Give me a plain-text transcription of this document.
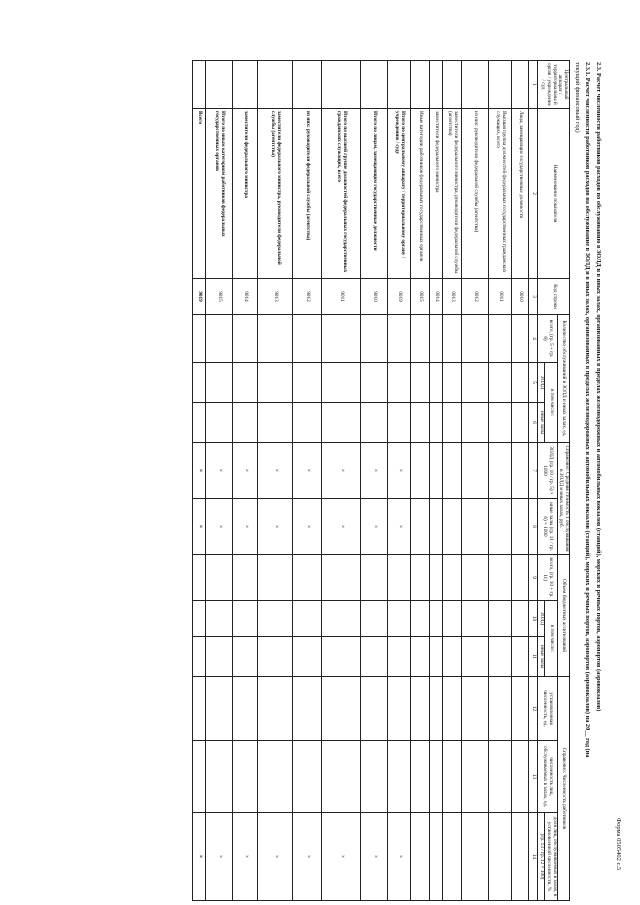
Форма 0505402 с.5
2.3. Расчет численности работников расходов по обслуживанию в ЗОЛД и в иных залах, организованных в пределах железнодорожных и автомобильных вокзалов (станций), морских и речных портов, аэропортов (аэровокзалов)
2.3.1. Расчет численности работников расходов на обслуживание в ЗОЛД и в иных залах, организованных в пределах железнодорожных и автомобильных вокзалов (станций), морских и речных портов, аэропортов (аэровокзалов) на 20__ год (на
текущий финансовый год)
Центральный аппарат / территориальны й орган / учреждение / суд	Наименование показателя	Код строки	Количество обслуживаний в ЗОЛД и иных залах, ед.			Справочно: Средняя стоимость 1 обслуживания в ЗОЛД и иных залах, руб.		Объем бюджетных ассигнований			Справочно: Численность работников		
			всего, (гр. 5 + гр. 6)	в том числе:		ЗОЛД (гр. 10 / гр. 5) × 1000	иные залы (гр. 11 / гр. 6) × 1000	всего, (гр. 10 + гр. 11)	в том числе:		установленная численность, ед.	численность лиц, обслуживаемых в залах, ед.	доля лиц, обслуживаемых в залах, в установленной численности, %
				ЗОЛД	иные залы				ЗОЛД	иные залы			(гр. 13 / гр. 12 × 100)
1	2	3	4	5	6	7	8	9	10	11	12	13	14
	Лица, замещающие государственные должности	0010											
	Высшая группа должностей федеральных государственных гражданских служащих, всего	0011											
	из них: руководители федеральной службы (агентства)	0012											
	заместители федерального министра, руководители федеральной службы (агентства)	0013											
	заместители федерального министра	0014											
	Иные категории работников федеральных государственных органов	0015											
	Итого по центральному аппарату / территориальному органу / учреждению / суду	0019				×	×						×
	Итого по лицам, замещающим государственные должности	9010				×	×						×
	Итого по высшей группе должностей федеральных государственных гражданских служащих, всего	9011				×	×						×
	из них: руководители федеральной службы (агентства)	9012				×	×						×
	заместители федерального министра, руководители федеральной службы (агентства)	9013				×	×						×
	заместители федерального министра	9014				×	×						×
	Итого по иным категориям работников федеральных государственных органов	9015				×	×						×
	Всего	9019				×	×						×
